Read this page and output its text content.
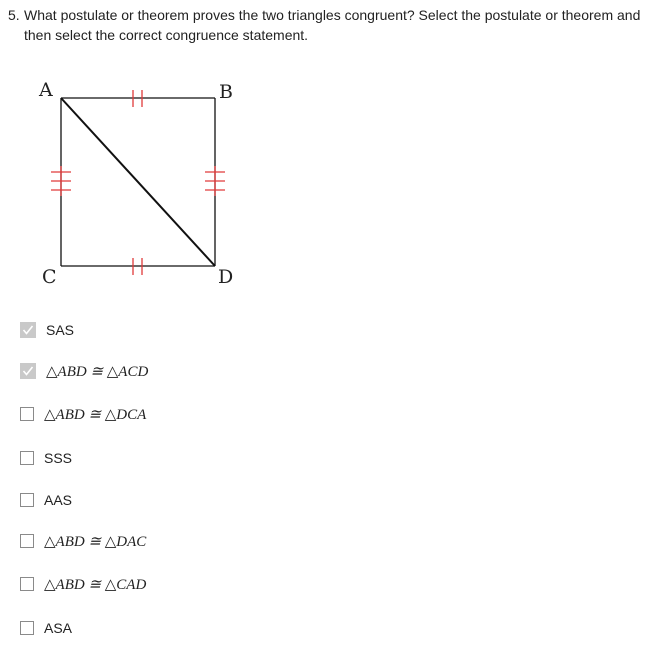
5. What postulate or theorem proves the two triangles congruent? Select the postulate or theorem and then select the correct congruence statement.
A	B
C	D
SAS
△ABD ≅ △ACD
△ABD ≅ △DCA
SSS
AAS
△ABD ≅ △DAC
△ABD ≅ △CAD
ASA
